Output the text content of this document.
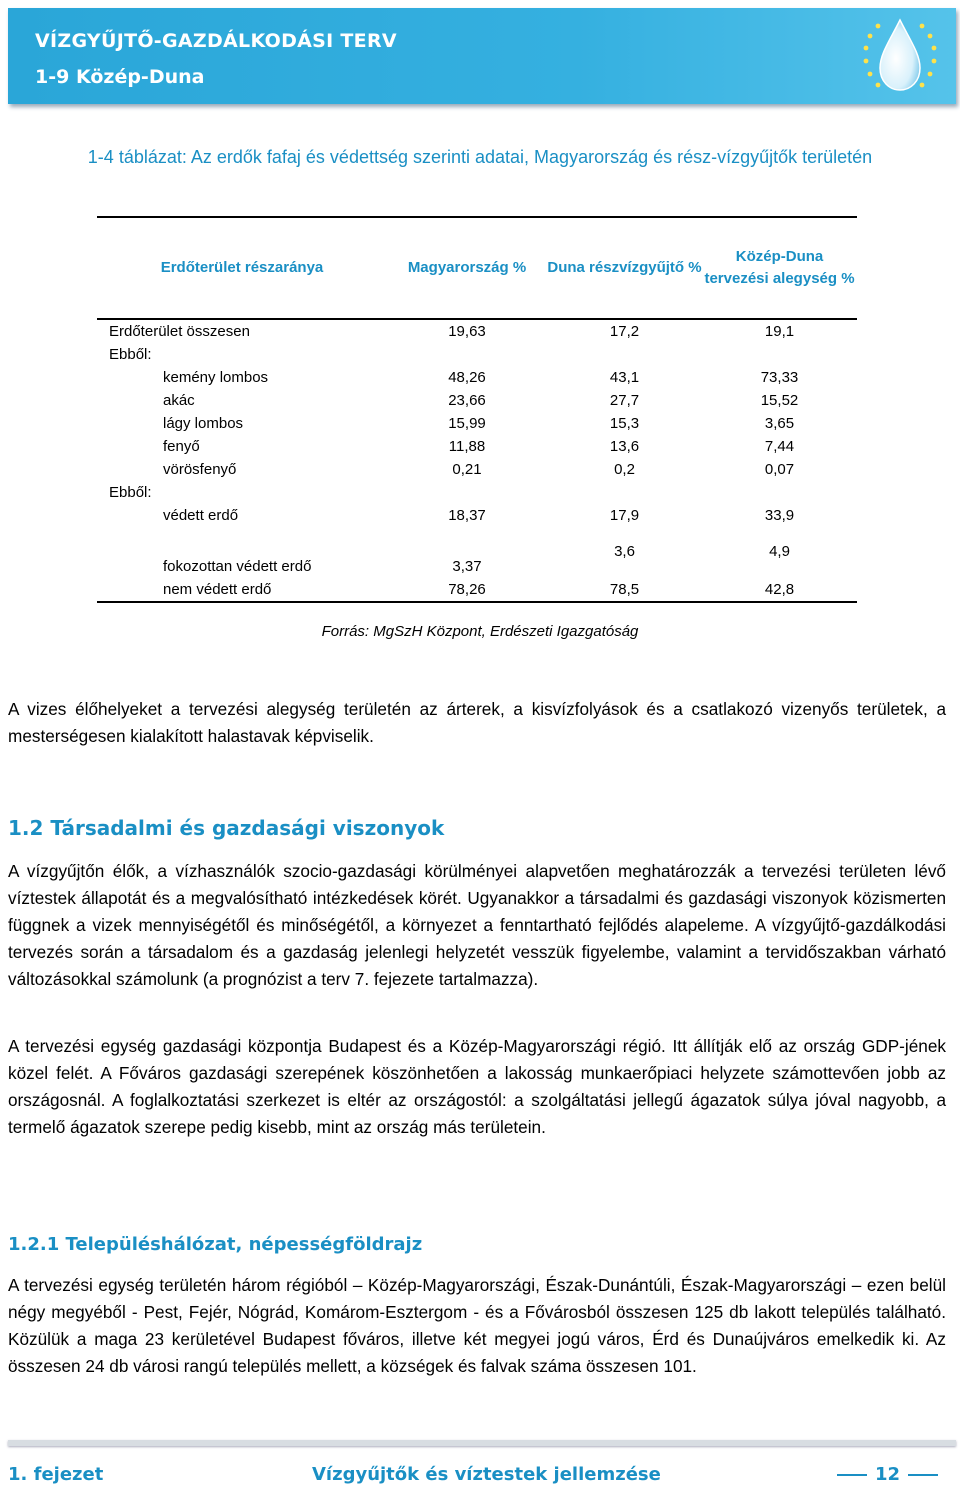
VÍZGYŰJTŐ-GAZDÁLKODÁSI TERV
1-9 Közép-Duna
1-4 táblázat: Az erdők fafaj és védettség szerinti adatai, Magyarország és rész-vízgyűjtők területén
Erdőterület részaránya	Magyarország %	Duna részvízgyűjtő %	Közép-Duna tervezési alegység %
Erdőterület összesen	19,63	17,2	19,1
Ebből:			
kemény lombos	48,26	43,1	73,33
akác	23,66	27,7	15,52
lágy lombos	15,99	15,3	3,65
fenyő	11,88	13,6	7,44
vörösfenyő	0,21	0,2	0,07
Ebből:			
védett erdő	18,37	17,9	33,9
fokozottan védett erdő	3,37	3,6	4,9
nem védett erdő	78,26	78,5	42,8
Forrás: MgSzH Központ, Erdészeti Igazgatóság
A vizes élőhelyeket a tervezési alegység területén az árterek, a kisvízfolyások és a csatlakozó vizenyős területek, a mesterségesen kialakított halastavak képviselik.
1.2 Társadalmi és gazdasági viszonyok
A vízgyűjtőn élők, a vízhasználók szocio-gazdasági körülményei alapvetően meghatározzák a tervezési területen lévő víztestek állapotát és a megvalósítható intézkedések körét. Ugyanakkor a társadalmi és gazdasági viszonyok közismerten függnek a vizek mennyiségétől és minőségétől, a környezet a fenntartható fejlődés alapeleme. A vízgyűjtő-gazdálkodási tervezés során a társadalom és a gazdaság jelenlegi helyzetét vesszük figyelembe, valamint a tervidőszakban várható változásokkal számolunk (a prognózist a terv 7. fejezete tartalmazza).
A tervezési egység gazdasági központja Budapest és a Közép-Magyarországi régió. Itt állítják elő az ország GDP-jének közel felét. A Főváros gazdasági szerepének köszönhetően a lakosság munkaerőpiaci helyzete számottevően jobb az országosnál. A foglalkoztatási szerkezet is eltér az országostól: a szolgáltatási jellegű ágazatok súlya jóval nagyobb, a termelő ágazatok szerepe pedig kisebb, mint az ország más területein.
1.2.1 Településhálózat, népességföldrajz
A tervezési egység területén három régióból – Közép-Magyarországi, Észak-Dunántúli, Észak-Magyarországi – ezen belül négy megyéből - Pest, Fejér, Nógrád, Komárom-Esztergom - és a Fővárosból összesen 125 db lakott település található. Közülük a maga 23 kerületével Budapest főváros, illetve két megyei jogú város, Érd és Dunaújváros emelkedik ki. Az összesen 24 db városi rangú település mellett, a községek és falvak száma összesen 101.
1. fejezet	Vízgyűjtők és víztestek jellemzése	12
